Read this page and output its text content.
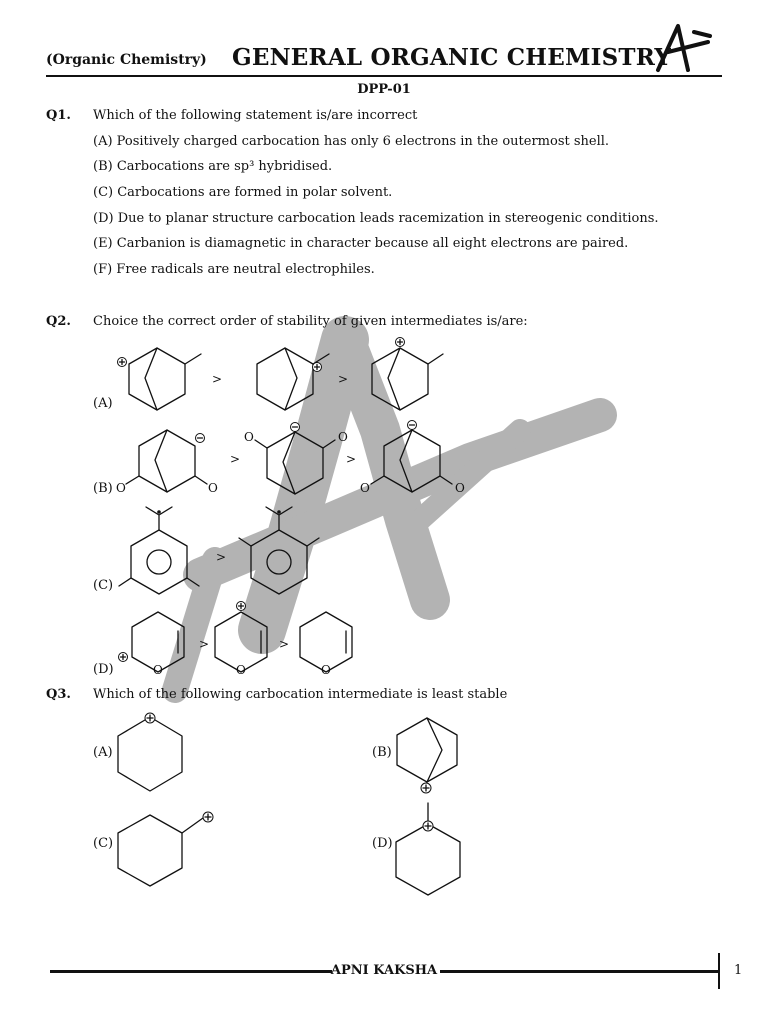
(Organic Chemistry) GENERAL ORGANIC CHEMISTRY
DPP-01
Q1. Which of the following statement is/are incorrect
(A) Positively charged carbocation has only 6 electrons in the outermost shell.
(B) Carbocations are sp³ hybridised.
(C) Carbocations are formed in polar solvent.
(D) Due to planar structure carbocation leads racemization in stereogenic conditions.
(E) Carbanion is diamagnetic in character because all eight electrons are paired.
(F) Free radicals are neutral electrophiles.
Q2. Choice the correct order of stability of given intermediates is/are:
(A)
(B)
(C)
(D)
Q3. Which of the following carbocation intermediate is least stable
(A)	(B)
(C)	(D)
>	>
O
O
>
O	O
>
O
O
>
O
>
O
>
O
APNI KAKSHA	1
